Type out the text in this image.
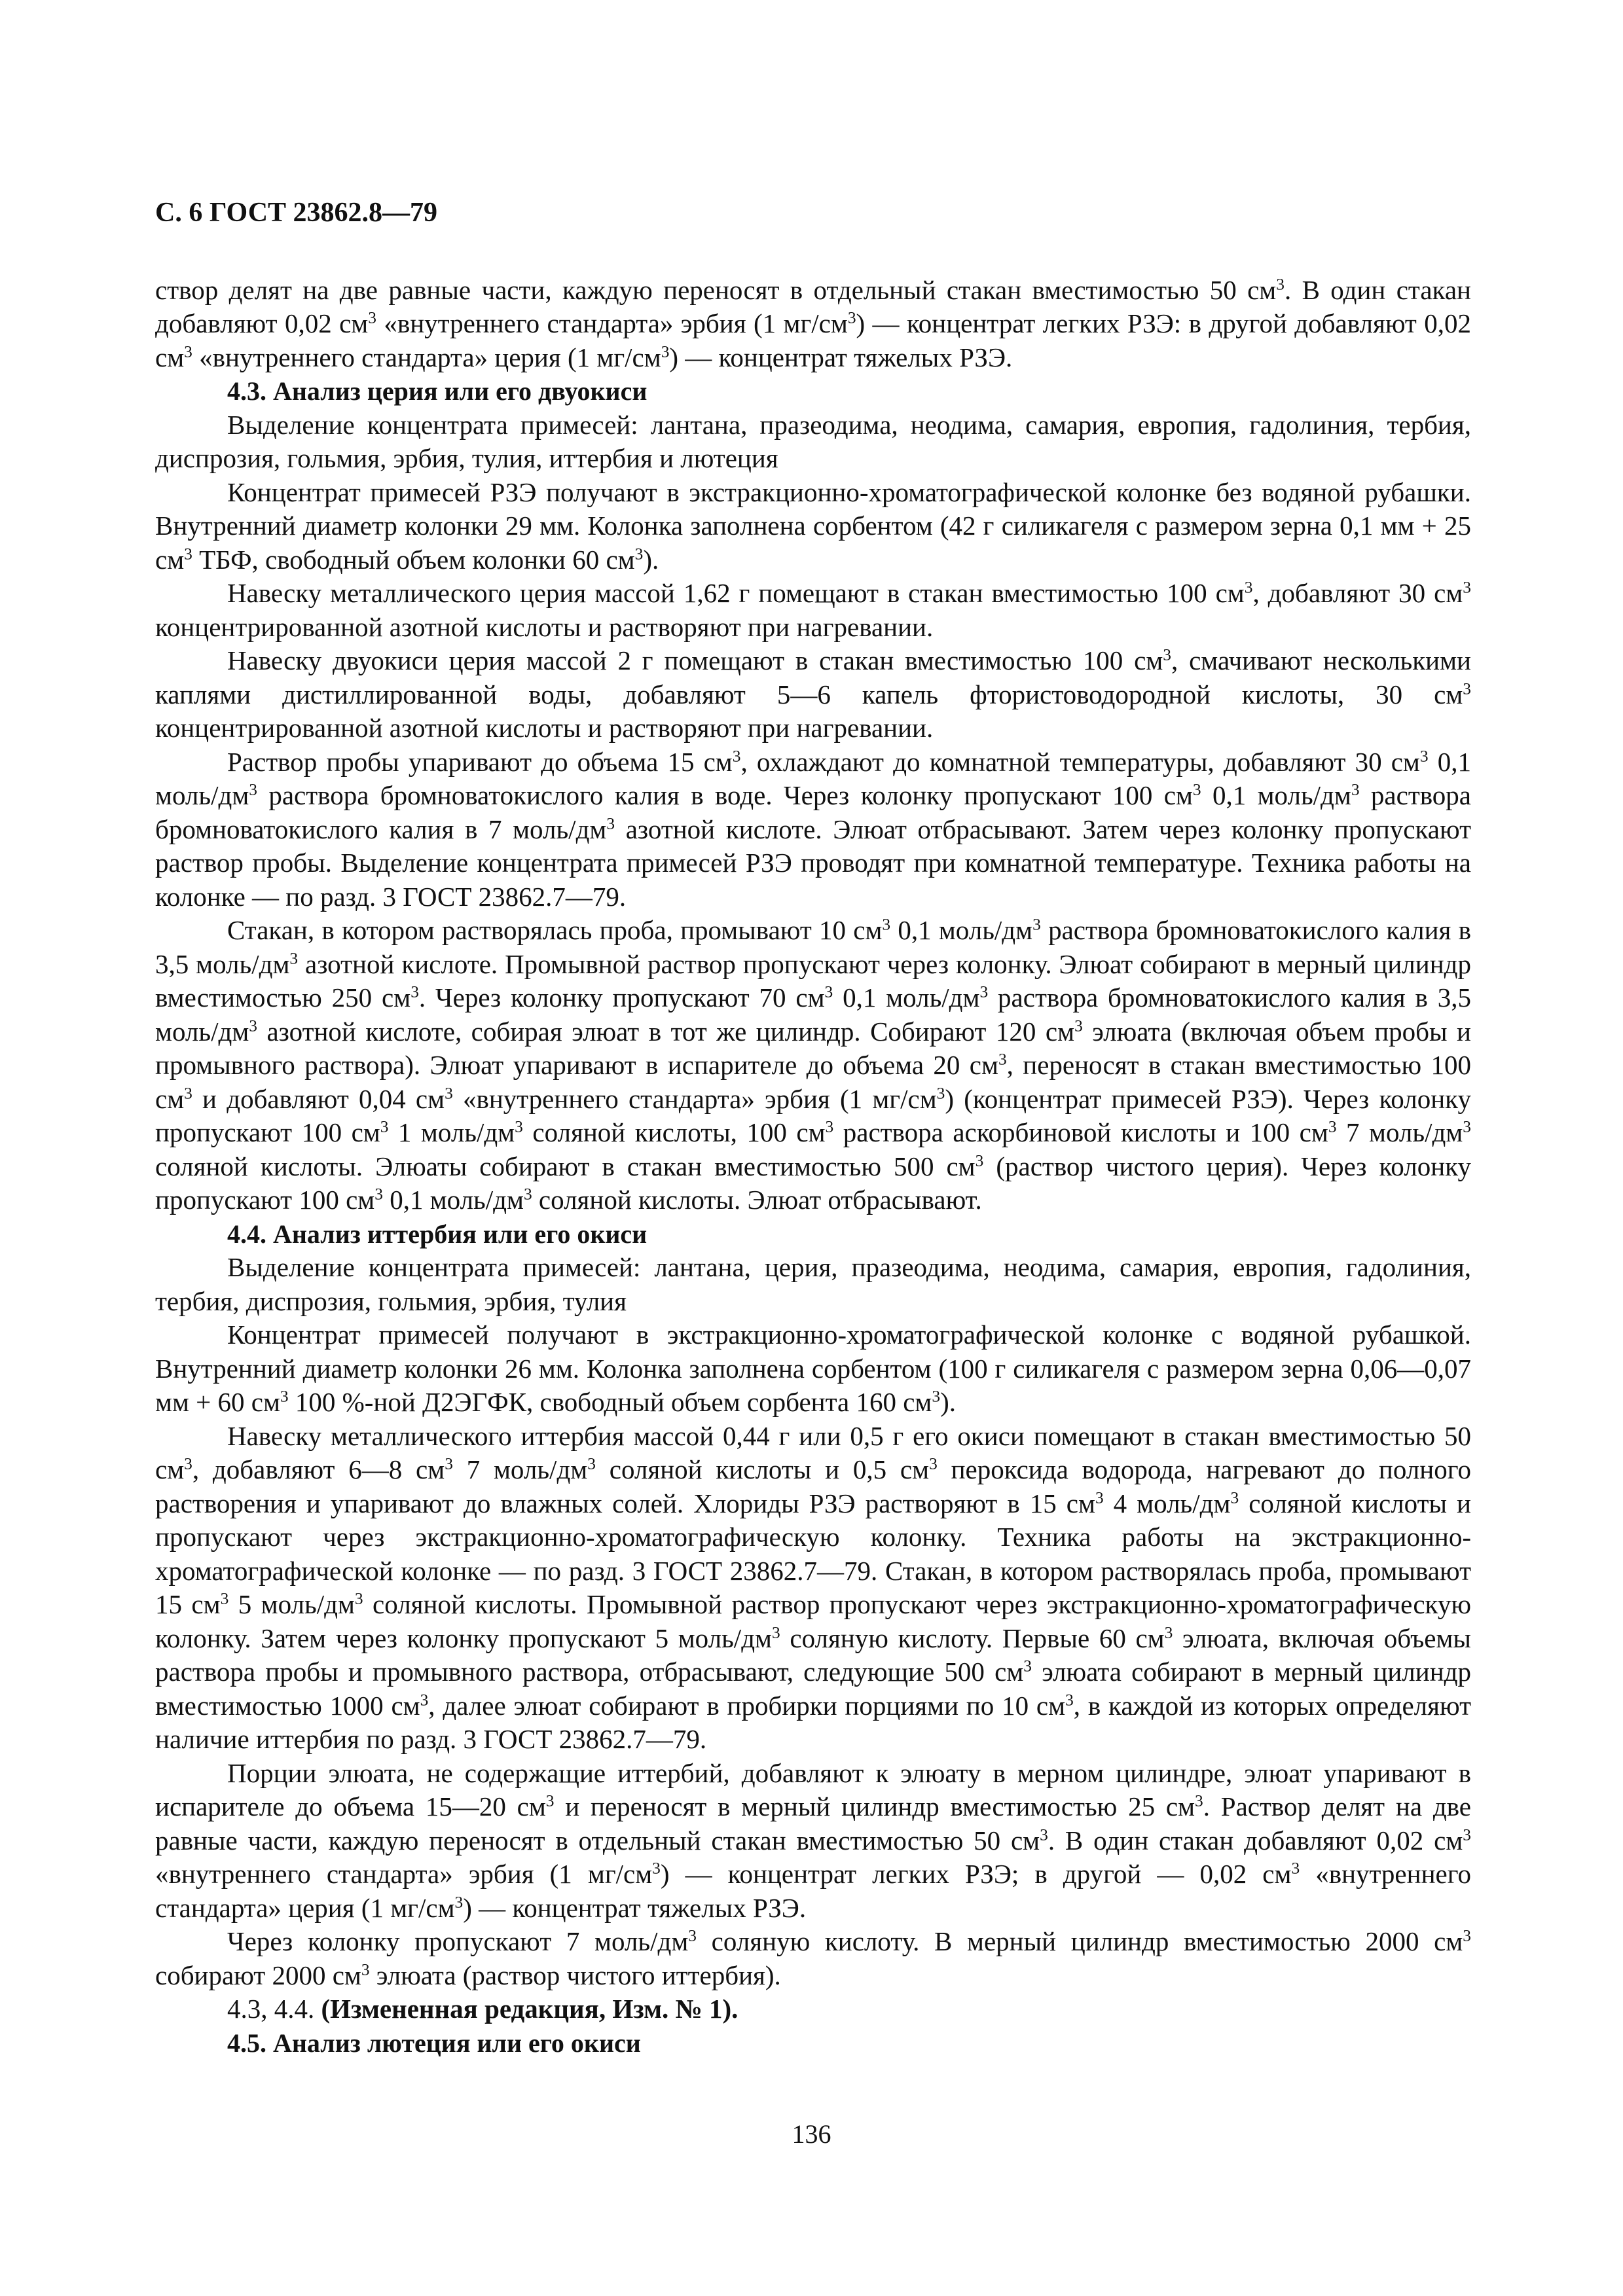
С. 6 ГОСТ 23862.8—79

створ делят на две равные части, каждую переносят в отдельный стакан вместимостью 50 $см^3$. В один стакан добавляют 0,02 $см^3$ «внутреннего стандарта» эрбия (1 $мг/см^3$) — концентрат легких РЗЭ: в другой добавляют 0,02 $см^3$ «внутреннего стандарта» церия (1 $мг/см^3$) — концентрат тяжелых РЗЭ.

4.3. Анализ церия или его двуокиси

Выделение концентрата примесей: лантана, празеодима, неодима, самария, европия, гадолиния, тербия, диспрозия, гольмия, эрбия, тулия, иттербия и лютеция

Концентрат примесей РЗЭ получают в экстракционно-хроматографической колонке без водяной рубашки. Внутренний диаметр колонки 29 мм. Колонка заполнена сорбентом (42 г силикагеля с размером зерна 0,1 мм + 25 $см^3$ ТБФ, свободный объем колонки 60 $см^3$).

Навеску металлического церия массой 1,62 г помещают в стакан вместимостью 100 $см^3$, добавляют 30 $см^3$ концентрированной азотной кислоты и растворяют при нагревании.

Навеску двуокиси церия массой 2 г помещают в стакан вместимостью 100 $см^3$, смачивают несколькими каплями дистиллированной воды, добавляют 5—6 капель фтористоводородной кислоты, 30 $см^3$ концентрированной азотной кислоты и растворяют при нагревании.

Раствор пробы упаривают до объема 15 $см^3$, охлаждают до комнатной температуры, добавляют 30 $см^3$ 0,1 моль/$дм^3$ раствора бромноватокислого калия в воде. Через колонку пропускают 100 $см^3$ 0,1 моль/$дм^3$ раствора бромноватокислого калия в 7 моль/$дм^3$ азотной кислоте. Элюат отбрасывают. Затем через колонку пропускают раствор пробы. Выделение концентрата примесей РЗЭ проводят при комнатной температуре. Техника работы на колонке — по разд. 3 ГОСТ 23862.7—79.

Стакан, в котором растворялась проба, промывают 10 $см^3$ 0,1 моль/$дм^3$ раствора бромноватокислого калия в 3,5 моль/$дм^3$ азотной кислоте. Промывной раствор пропускают через колонку. Элюат собирают в мерный цилиндр вместимостью 250 $см^3$. Через колонку пропускают 70 $см^3$ 0,1 моль/$дм^3$ раствора бромноватокислого калия в 3,5 моль/$дм^3$ азотной кислоте, собирая элюат в тот же цилиндр. Собирают 120 $см^3$ элюата (включая объем пробы и промывного раствора). Элюат упаривают в испарителе до объема 20 $см^3$, переносят в стакан вместимостью 100 $см^3$ и добавляют 0,04 $см^3$ «внутреннего стандарта» эрбия (1 $мг/см^3$) (концентрат примесей РЗЭ). Через колонку пропускают 100 $см^3$ 1 моль/$дм^3$ соляной кислоты, 100 $см^3$ раствора аскорбиновой кислоты и 100 $см^3$ 7 моль/$дм^3$ соляной кислоты. Элюаты собирают в стакан вместимостью 500 $см^3$ (раствор чистого церия). Через колонку пропускают 100 $см^3$ 0,1 моль/$дм^3$ соляной кислоты. Элюат отбрасывают.

4.4. Анализ иттербия или его окиси

Выделение концентрата примесей: лантана, церия, празеодима, неодима, самария, европия, гадолиния, тербия, диспрозия, гольмия, эрбия, тулия

Концентрат примесей получают в экстракционно-хроматографической колонке с водяной рубашкой. Внутренний диаметр колонки 26 мм. Колонка заполнена сорбентом (100 г силикагеля с размером зерна 0,06—0,07 мм + 60 $см^3$ 100 %-ной Д2ЭГФК, свободный объем сорбента 160 $см^3$).

Навеску металлического иттербия массой 0,44 г или 0,5 г его окиси помещают в стакан вместимостью 50 $см^3$, добавляют 6—8 $см^3$ 7 моль/$дм^3$ соляной кислоты и 0,5 $см^3$ пероксида водорода, нагревают до полного растворения и упаривают до влажных солей. Хлориды РЗЭ растворяют в 15 $см^3$ 4 моль/$дм^3$ соляной кислоты и пропускают через экстракционно-хроматографическую колонку. Техника работы на экстракционно-хроматографической колонке — по разд. 3 ГОСТ 23862.7—79. Стакан, в котором растворялась проба, промывают 15 $см^3$ 5 моль/$дм^3$ соляной кислоты. Промывной раствор пропускают через экстракционно-хроматографическую колонку. Затем через колонку пропускают 5 моль/$дм^3$ соляную кислоту. Первые 60 $см^3$ элюата, включая объемы раствора пробы и промывного раствора, отбрасывают, следующие 500 $см^3$ элюата собирают в мерный цилиндр вместимостью 1000 $см^3$, далее элюат собирают в пробирки порциями по 10 $см^3$, в каждой из которых определяют наличие иттербия по разд. 3 ГОСТ 23862.7—79.

Порции элюата, не содержащие иттербий, добавляют к элюату в мерном цилиндре, элюат упаривают в испарителе до объема 15—20 $см^3$ и переносят в мерный цилиндр вместимостью 25 $см^3$. Раствор делят на две равные части, каждую переносят в отдельный стакан вместимостью 50 $см^3$. В один стакан добавляют 0,02 $см^3$ «внутреннего стандарта» эрбия (1 $мг/см^3$) — концентрат легких РЗЭ; в другой — 0,02 $см^3$ «внутреннего стандарта» церия (1 $мг/см^3$) — концентрат тяжелых РЗЭ.

Через колонку пропускают 7 моль/$дм^3$ соляную кислоту. В мерный цилиндр вместимостью 2000 $см^3$ собирают 2000 $см^3$ элюата (раствор чистого иттербия).

4.3, 4.4. (Измененная редакция, Изм. № 1).

4.5. Анализ лютеция или его окиси

136
